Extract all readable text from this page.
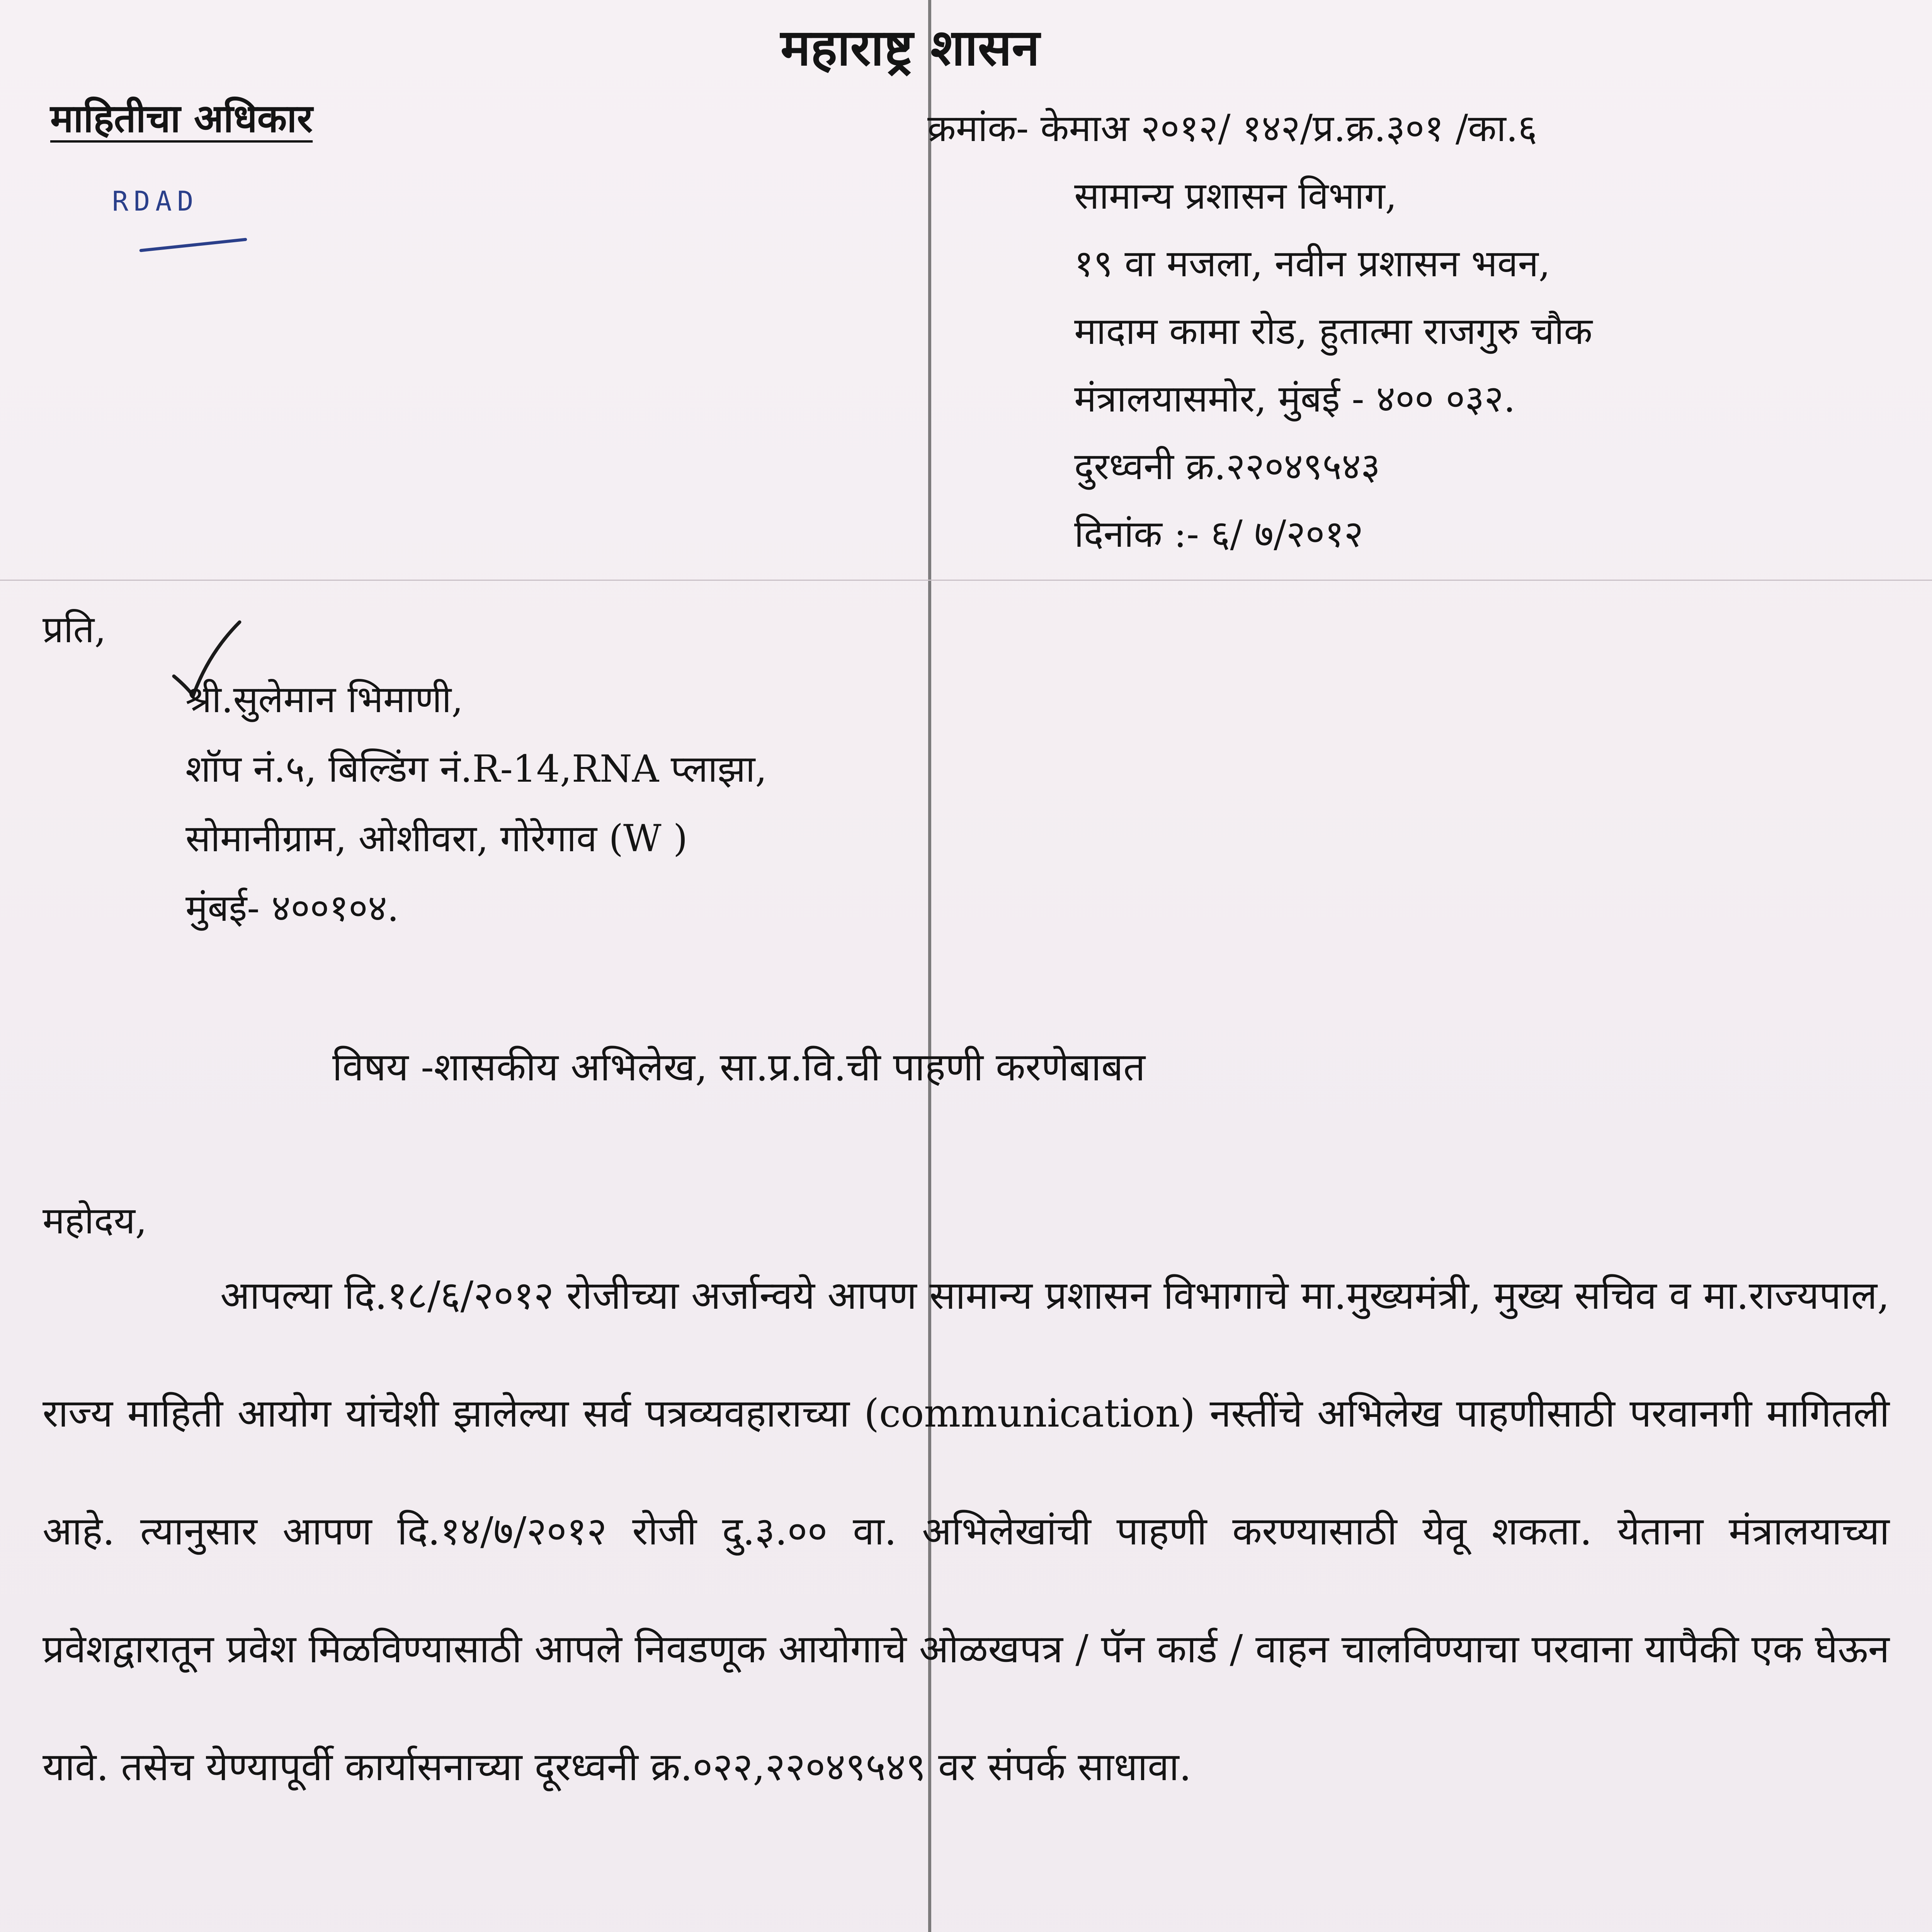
महाराष्ट्र शासन
माहितीचा अधिकार
RDAD
क्रमांक- केमाअ २०१२/ १४२/प्र.क्र.३०१ /का.६
सामान्य प्रशासन विभाग,
१९ वा मजला, नवीन प्रशासन भवन,
मादाम कामा रोड, हुतात्मा राजगुरु चौक
मंत्रालयासमोर, मुंबई - ४०० ०३२.
दुरध्वनी क्र.२२०४९५४३
दिनांक :- ६/ ७/२०१२
प्रति,
श्री.सुलेमान भिमाणी,
शॉप नं.५, बिल्डिंग नं.R-14,RNA प्लाझा,
सोमानीग्राम, ओशीवरा, गोरेगाव (W )
मुंबई- ४००१०४.
विषय -शासकीय अभिलेख, सा.प्र.वि.ची पाहणी करणेबाबत
महोदय,
आपल्या दि.१८/६/२०१२ रोजीच्या अर्जान्वये आपण सामान्य प्रशासन विभागाचे मा.मुख्यमंत्री, मुख्य सचिव व मा.राज्यपाल, राज्य माहिती आयोग यांचेशी झालेल्या सर्व पत्रव्यवहाराच्या (communication) नस्तींचे अभिलेख पाहणीसाठी परवानगी मागितली आहे. त्यानुसार आपण दि.१४/७/२०१२ रोजी दु.३.०० वा. अभिलेखांची पाहणी करण्यासाठी येवू शकता. येताना मंत्रालयाच्या प्रवेशद्वारातून प्रवेश मिळविण्यासाठी आपले निवडणूक आयोगाचे ओळखपत्र / पॅन कार्ड / वाहन चालविण्याचा परवाना यापैकी एक घेऊन यावे. तसेच येण्यापूर्वी कार्यासनाच्या दूरध्वनी क्र.०२२,२२०४९५४९ वर संपर्क साधावा.
